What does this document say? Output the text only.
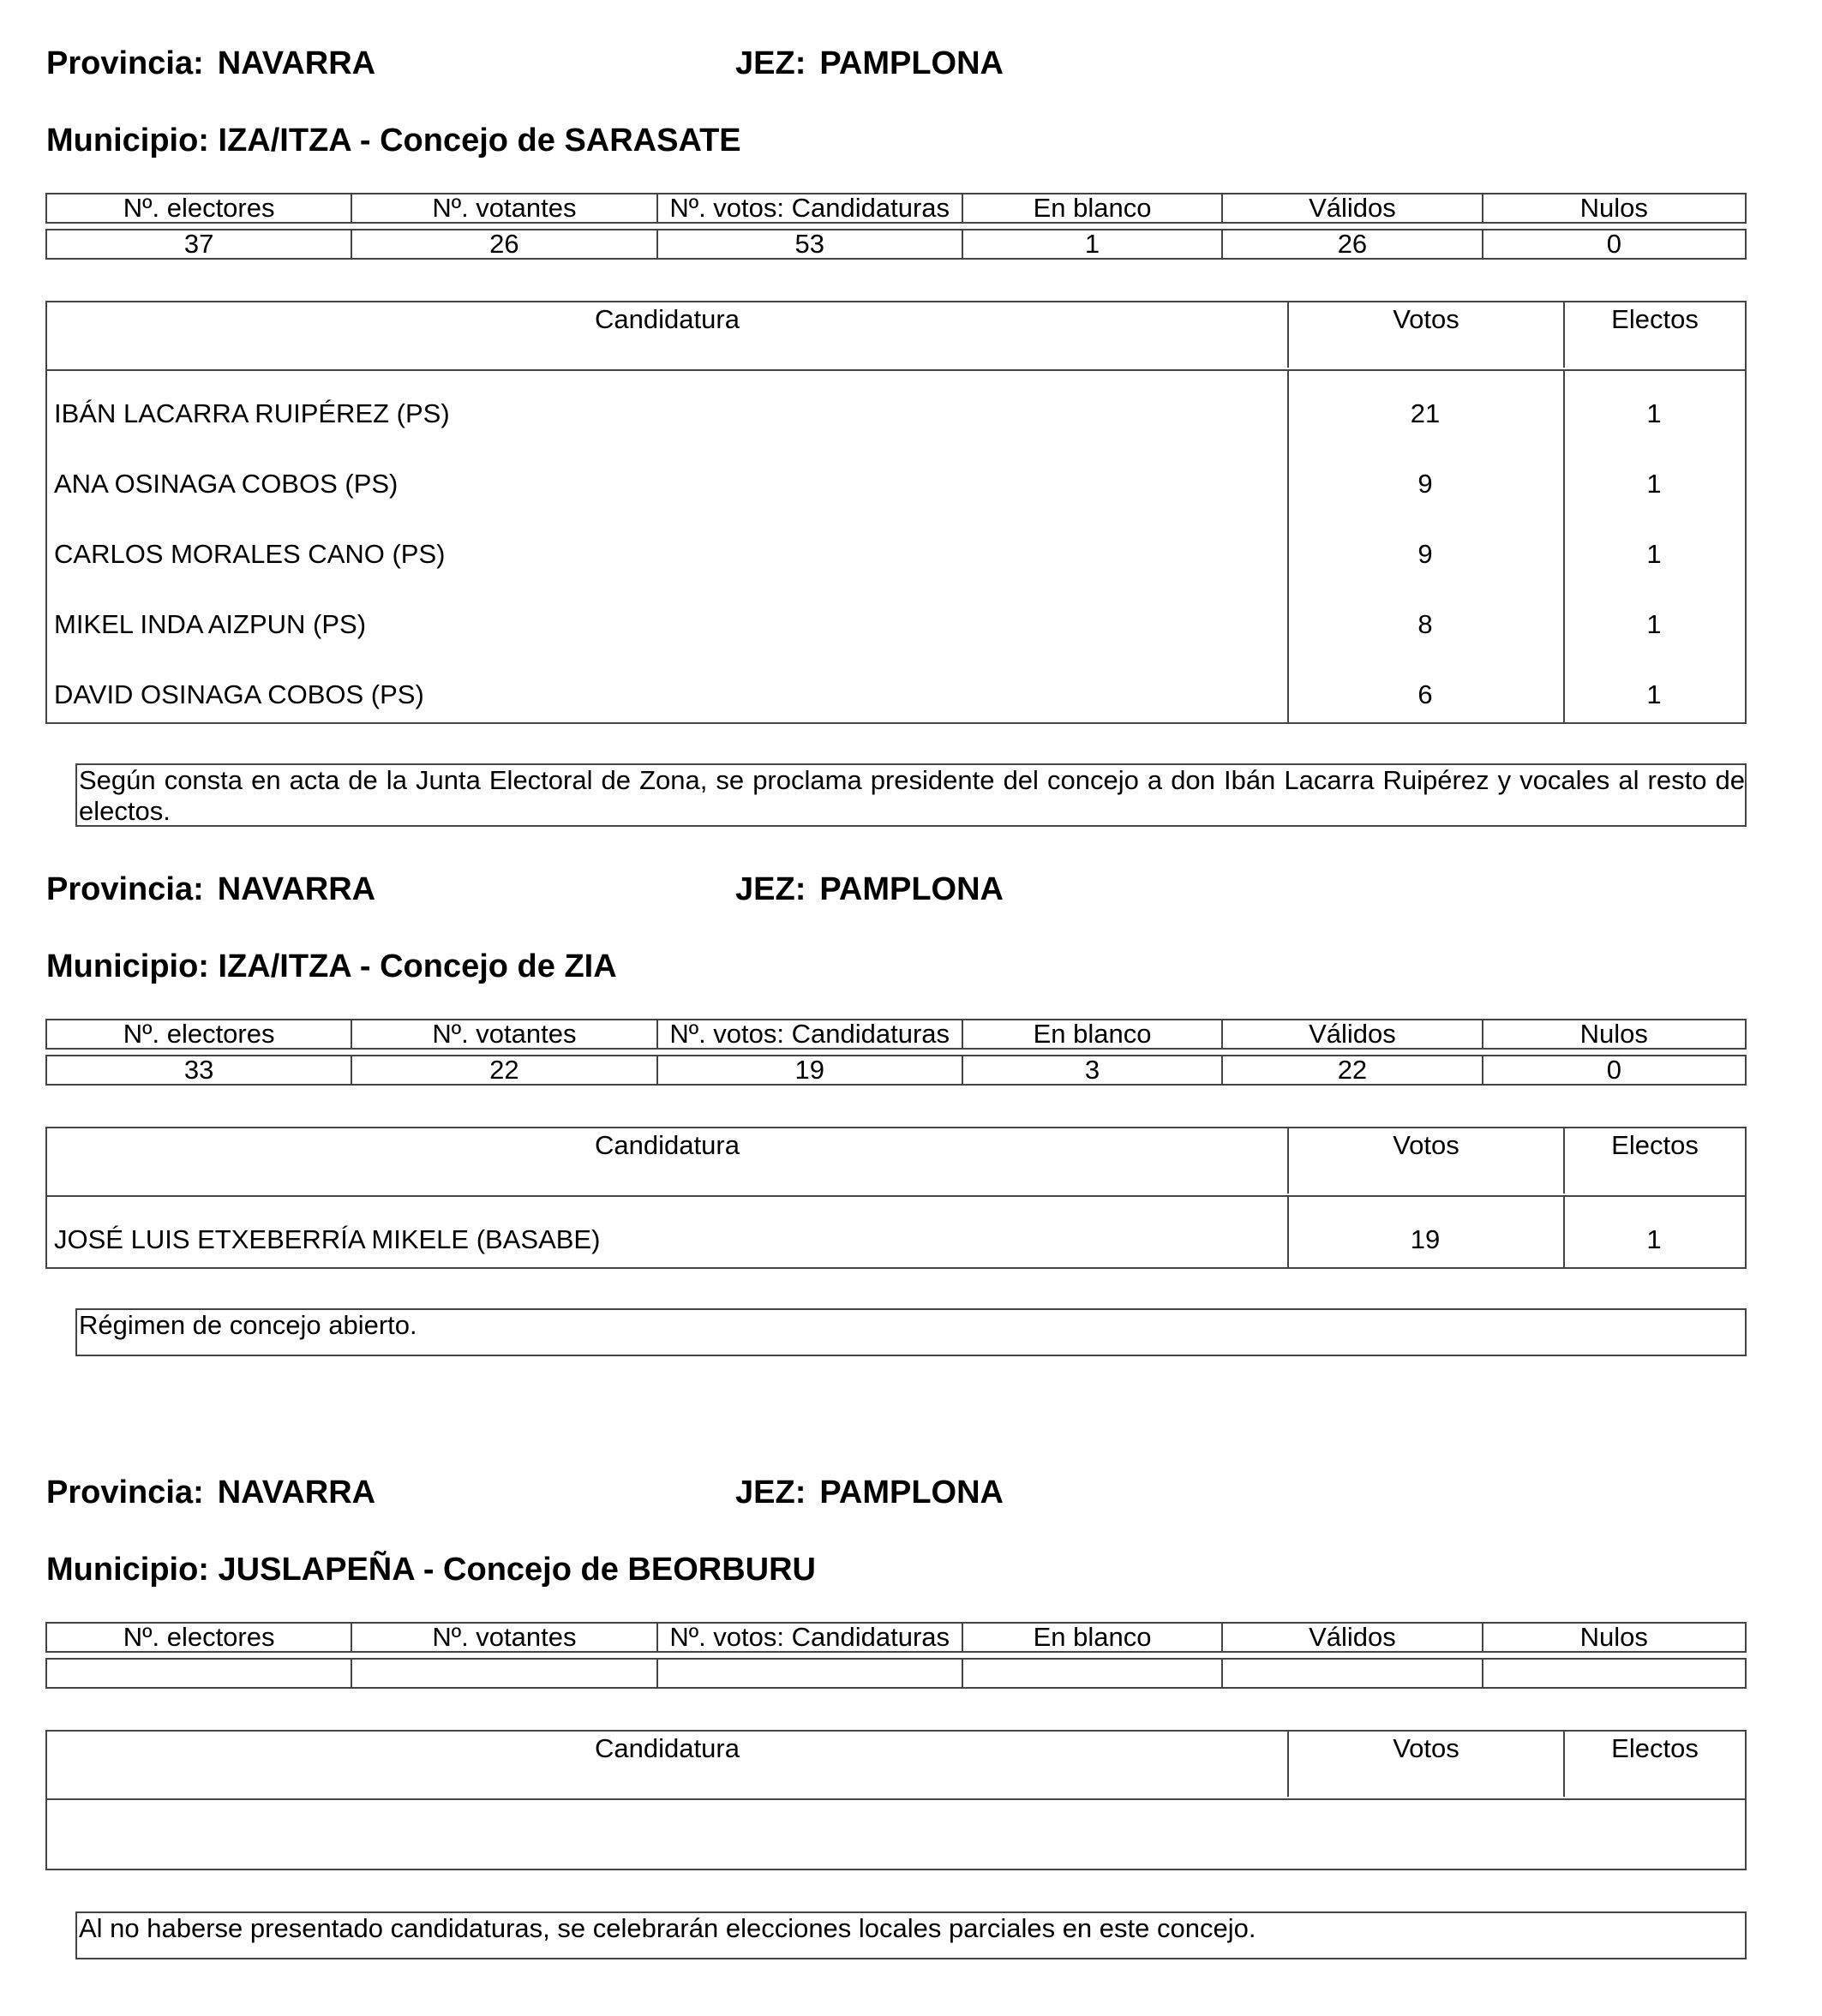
Provincia: NAVARRA	JEZ: PAMPLONA
Municipio: IZA/ITZA - Concejo de SARASATE
Nº. electores	Nº. votantes	Nº. votos: Candidaturas	En blanco	Válidos	Nulos
37	26	53	1	26	0
Candidatura	Votos	Electos
IBÁN LACARRA RUIPÉREZ (PS)	21	1
ANA OSINAGA COBOS (PS)	9	1
CARLOS MORALES CANO (PS)	9	1
MIKEL INDA AIZPUN (PS)	8	1
DAVID OSINAGA COBOS (PS)	6	1
Según consta en acta de la Junta Electoral de Zona, se proclama presidente del concejo a don Ibán Lacarra Ruipérez y vocales al resto de electos.
Provincia: NAVARRA	JEZ: PAMPLONA
Municipio: IZA/ITZA - Concejo de ZIA
Nº. electores	Nº. votantes	Nº. votos: Candidaturas	En blanco	Válidos	Nulos
33	22	19	3	22	0
Candidatura	Votos	Electos
JOSÉ LUIS ETXEBERRÍA MIKELE (BASABE)	19	1
Régimen de concejo abierto.
Provincia: NAVARRA	JEZ: PAMPLONA
Municipio: JUSLAPEÑA - Concejo de BEORBURU
Nº. electores	Nº. votantes	Nº. votos: Candidaturas	En blanco	Válidos	Nulos
Candidatura	Votos	Electos
Al no haberse presentado candidaturas, se celebrarán elecciones locales parciales en este concejo.
